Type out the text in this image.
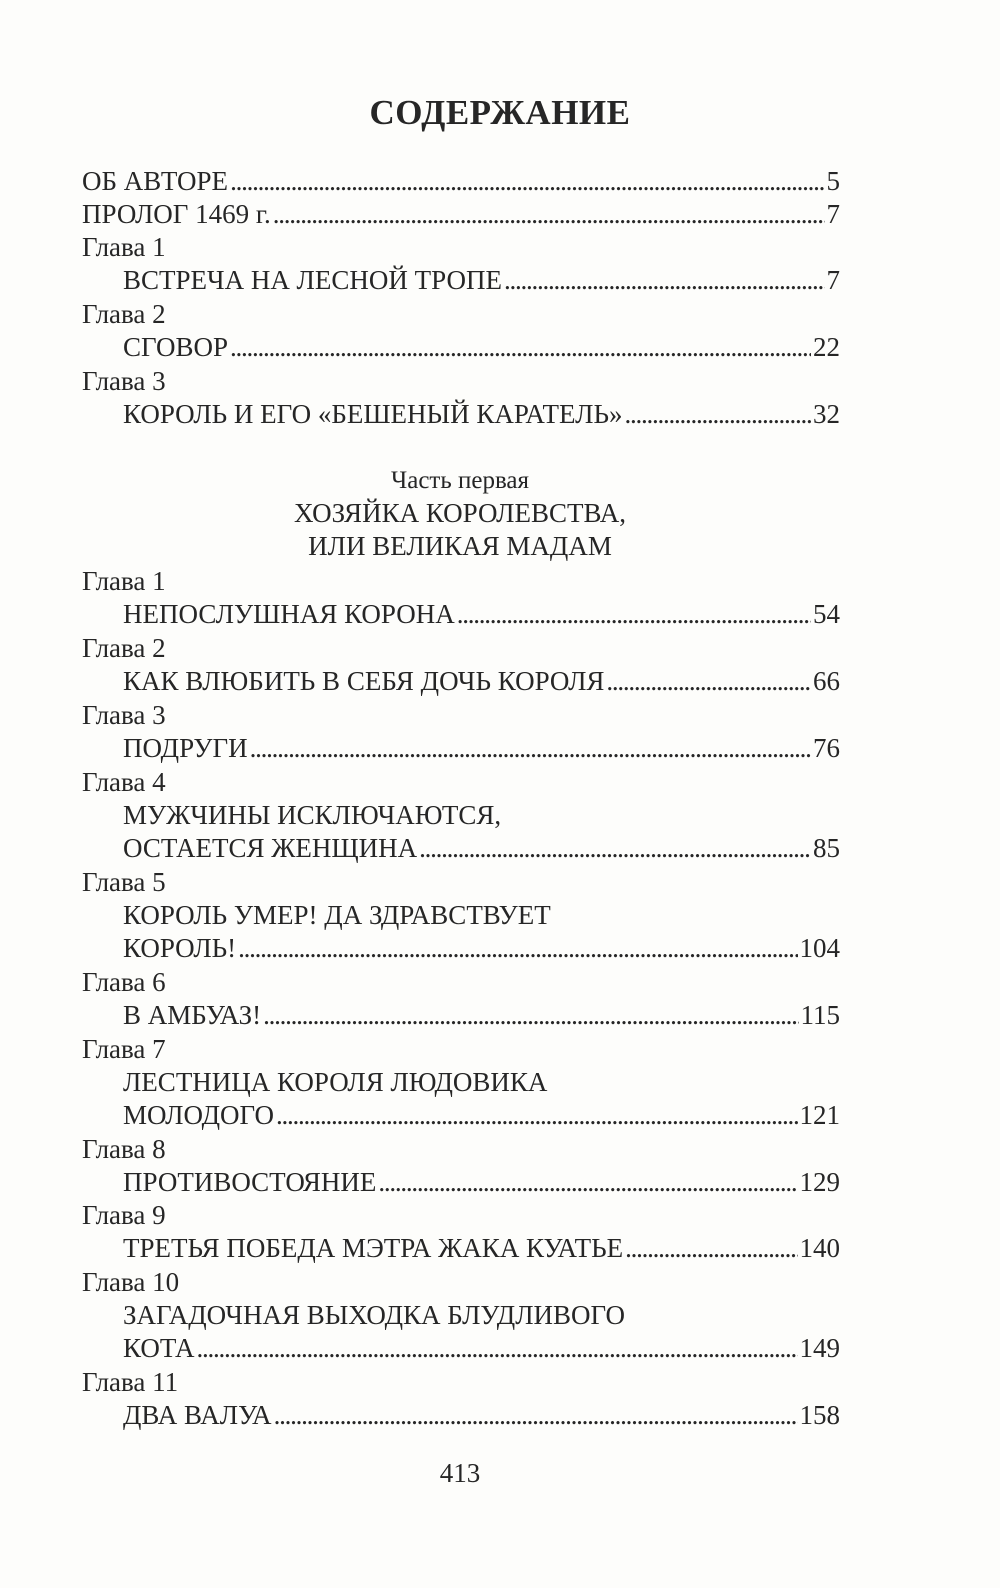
СОДЕРЖАНИЕ
ОБ АВТОРЕ . . .	5
ПРОЛОГ 1469 г. . . .	7
Глава 1
ВСТРЕЧА НА ЛЕСНОЙ ТРОПЕ . . .	7
Глава 2
СГОВОР . . .	22
Глава 3
КОРОЛЬ И ЕГО «БЕШЕНЫЙ КАРАТЕЛЬ» . . .	32
Часть первая
ХОЗЯЙКА КОРОЛЕВСТВА,
ИЛИ ВЕЛИКАЯ МАДАМ
Глава 1
НЕПОСЛУШНАЯ КОРОНА . . .	54
Глава 2
КАК ВЛЮБИТЬ В СЕБЯ ДОЧЬ КОРОЛЯ . . .	66
Глава 3
ПОДРУГИ . . .	76
Глава 4
МУЖЧИНЫ ИСКЛЮЧАЮТСЯ,
ОСТАЕТСЯ ЖЕНЩИНА . . .	85
Глава 5
КОРОЛЬ УМЕР! ДА ЗДРАВСТВУЕТ
КОРОЛЬ! . . .	104
Глава 6
В АМБУАЗ! . . .	115
Глава 7
ЛЕСТНИЦА КОРОЛЯ ЛЮДОВИКА
МОЛОДОГО . . .	121
Глава 8
ПРОТИВОСТОЯНИЕ . . .	129
Глава 9
ТРЕТЬЯ ПОБЕДА МЭТРА ЖАКА КУАТЬЕ . . .	140
Глава 10
ЗАГАДОЧНАЯ ВЫХОДКА БЛУДЛИВОГО
КОТА . . .	149
Глава 11
ДВА ВАЛУА . . .	158
413
